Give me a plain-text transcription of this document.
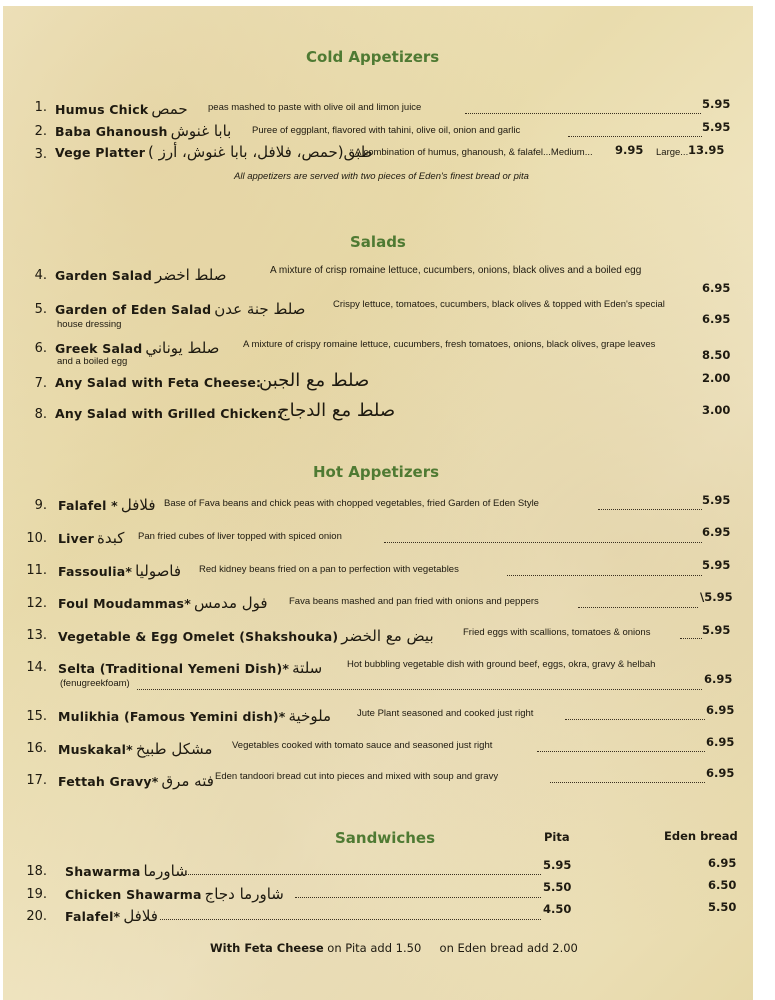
Cold Appetizers
1. Humus Chick حمص peas mashed to paste with olive oil and limon juice	5.95
2. Baba Ghanoush بابا غنوش Puree of eggplant, flavored with tahini, olive oil, onion and garlic	5.95
3. Vege Platter ( طبق(حمص، فلافل، بابا غنوش، أرز
A combination of humus, ghanoush, & falafel...Medium... 9.95 Large... 13.95
All appetizers are served with two pieces of Eden's finest bread or pita
Salads
4. Garden Salad صلط اخضر	A mixture of crisp romaine lettuce, cucumbers, onions, black olives and a boiled egg
6.95
5. Garden of Eden Salad صلط جنة عدن	Crispy lettuce, tomatoes, cucumbers, black olives & topped with Eden's special
house dressing	6.95
6. Greek Salad صلط يوناني A mixture of crispy romaine lettuce, cucumbers, fresh tomatoes, onions, black olives, grape leaves
and a boiled egg	8.50
7. Any Salad with Feta Cheese:
صلط مع الجبن	2.00
8. Any Salad with Grilled Chicken:
صلط مع الدجاج	3.00
Hot Appetizers
9. Falafel * فلافل Base of Fava beans and chick peas with chopped vegetables, fried Garden of Eden Style	5.95
10. Liver كبدة Pan fried cubes of liver topped with spiced onion	6.95
11. Fassoulia* فاصوليا Red kidney beans fried on a pan to perfection with vegetables	5.95
12. Foul Moudammas* فول مدمس Fava beans mashed and pan fried with onions and peppers	\5.95
13. Vegetable & Egg Omelet (Shakshouka) بيض مع الخضر	Fried eggs with scallions, tomatoes & onions	5.95
14. Selta (Traditional Yemeni Dish)* سلتة	Hot bubbling vegetable dish with ground beef, eggs, okra, gravy & helbah
(fenugreekfoam)	6.95
15. Mulikhia (Famous Yemini dish)* ملوخية	Jute Plant seasoned and cooked just right	6.95
16. Muskakal* مشكل طبيخ Vegetables cooked with tomato sauce and seasoned just right	6.95
17. Fettah Gravy* فته مرق Eden tandoori bread cut into pieces and mixed with soup and gravy	6.95
Sandwiches	Pita	Eden bread
18. Shawarma شاورما	5.95	6.95
19. Chicken Shawarma شاورما دجاج	5.50	6.50
20. Falafel* فلافل	4.50	5.50
With Feta Cheese on Pita add 1.50     on Eden bread add 2.00
